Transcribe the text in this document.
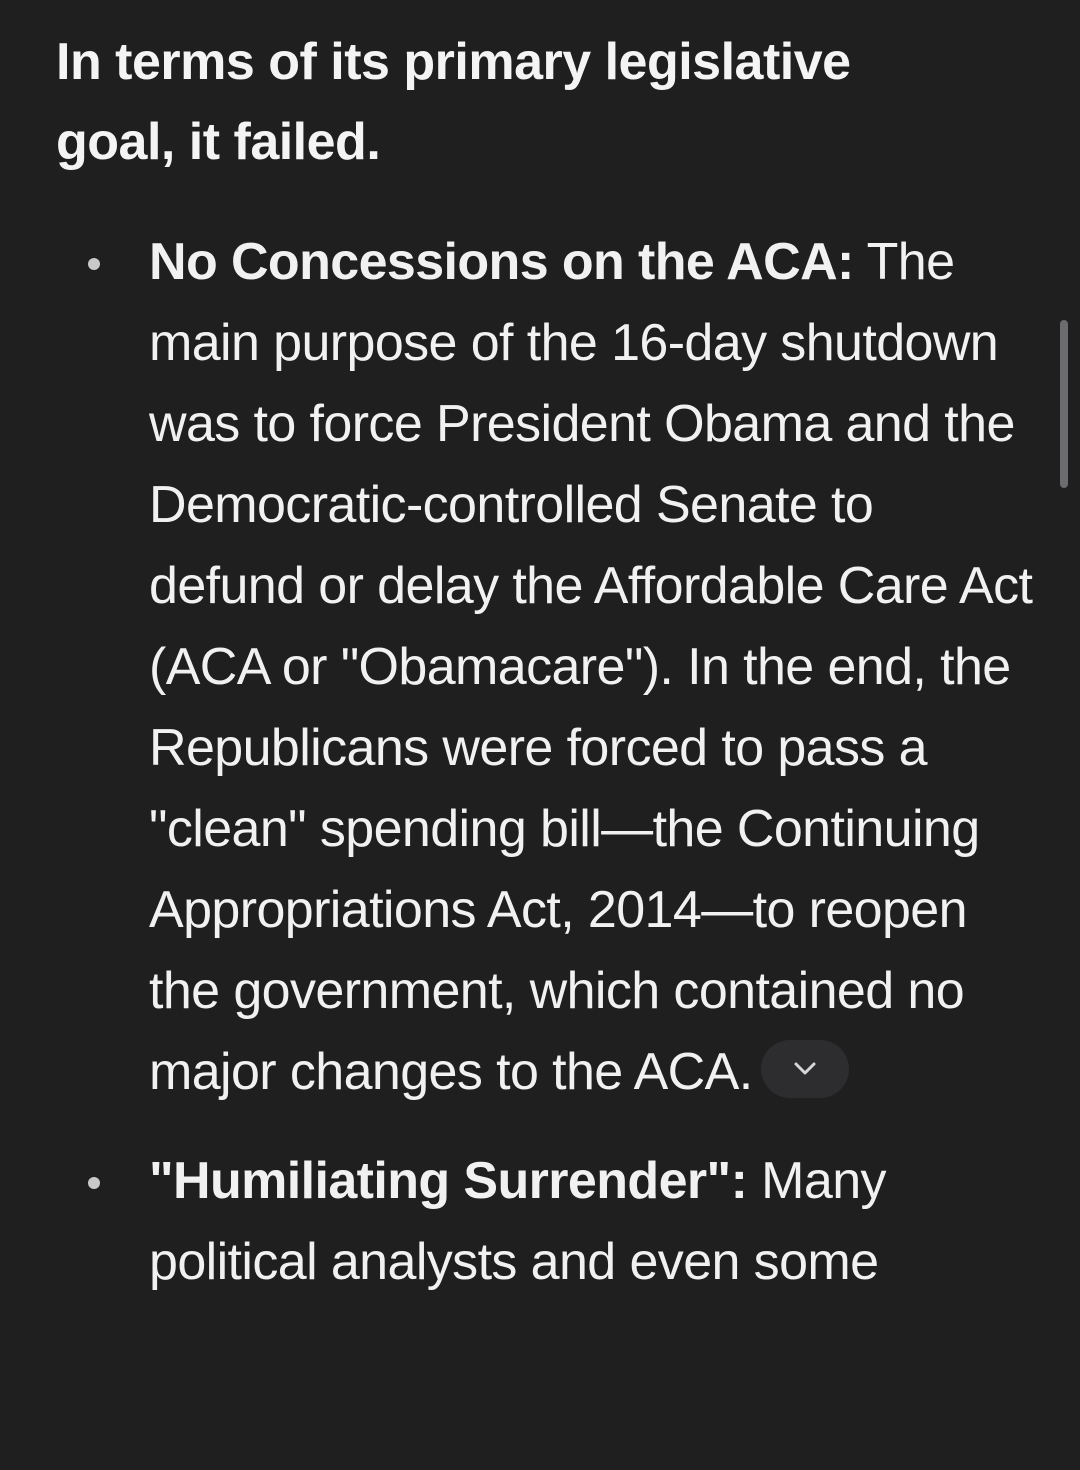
In terms of its primary legislative goal, it failed.
No Concessions on the ACA: The main purpose of the 16-day shutdown was to force President Obama and the Democratic-controlled Senate to defund or delay the Affordable Care Act (ACA or "Obamacare"). In the end, the Republicans were forced to pass a "clean" spending bill—the Continuing Appropriations Act, 2014—to reopen the government, which contained no major changes to the ACA.
"Humiliating Surrender": Many political analysts and even some
